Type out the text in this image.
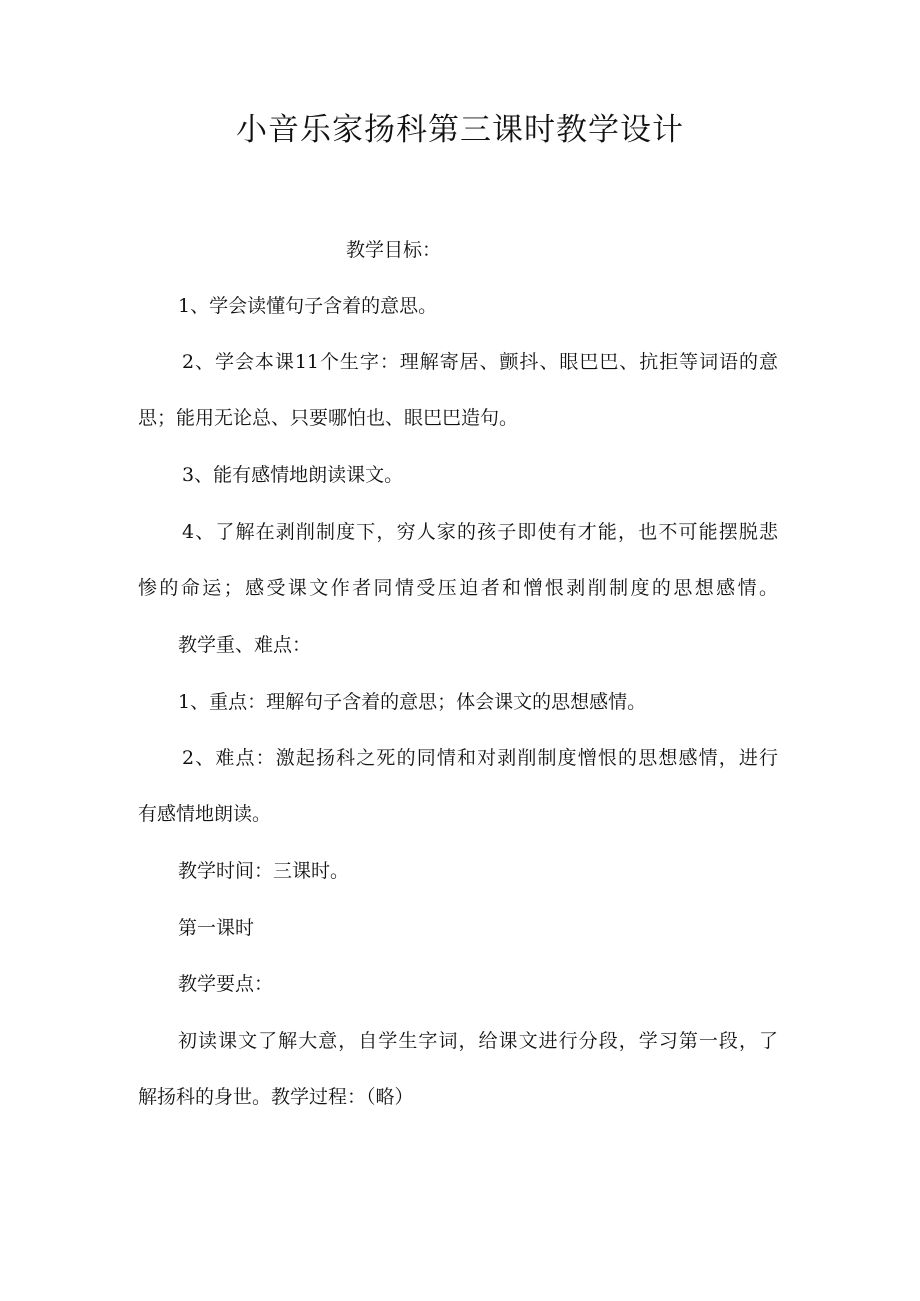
小音乐家扬科第三课时教学设计

教学目标：

1、学会读懂句子含着的意思。

2、学会本课11个生字：理解寄居、颤抖、眼巴巴、抗拒等词语的意

思；能用无论总、只要哪怕也、眼巴巴造句。

3、能有感情地朗读课文。

4、了解在剥削制度下，穷人家的孩子即使有才能，也不可能摆脱悲

惨的命运；感受课文作者同情受压迫者和憎恨剥削制度的思想感情。

教学重、难点：

1、重点：理解句子含着的意思；体会课文的思想感情。

2、难点：激起扬科之死的同情和对剥削制度憎恨的思想感情，进行

有感情地朗读。

教学时间：三课时。

第一课时

教学要点：

初读课文了解大意，自学生字词，给课文进行分段，学习第一段，了

解扬科的身世。教学过程：（略）
